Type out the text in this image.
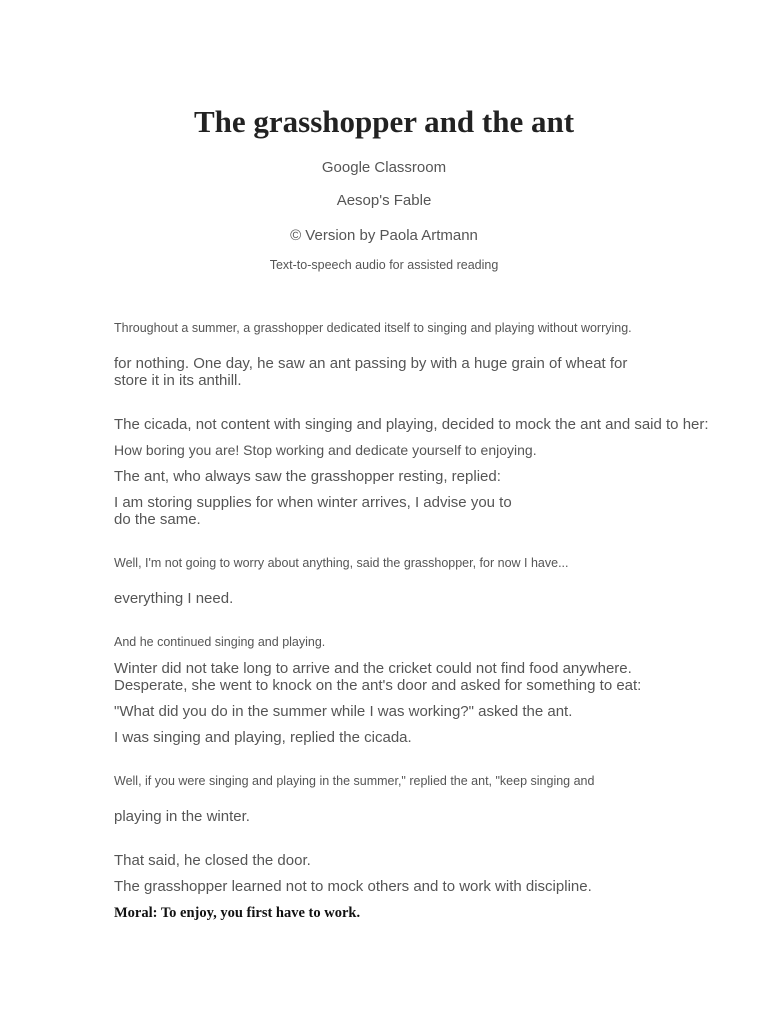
The grasshopper and the ant

Google Classroom

Aesop's Fable

© Version by Paola Artmann

Text-to-speech audio for assisted reading

Throughout a summer, a grasshopper dedicated itself to singing and playing without worrying.

for nothing. One day, he saw an ant passing by with a huge grain of wheat for
store it in its anthill.

The cicada, not content with singing and playing, decided to mock the ant and said to her:

How boring you are! Stop working and dedicate yourself to enjoying.

The ant, who always saw the grasshopper resting, replied:

I am storing supplies for when winter arrives, I advise you to
do the same.

Well, I'm not going to worry about anything, said the grasshopper, for now I have...

everything I need.

And he continued singing and playing.

Winter did not take long to arrive and the cricket could not find food anywhere.
Desperate, she went to knock on the ant's door and asked for something to eat:

"What did you do in the summer while I was working?" asked the ant.

I was singing and playing, replied the cicada.

Well, if you were singing and playing in the summer," replied the ant, "keep singing and

playing in the winter.

That said, he closed the door.

The grasshopper learned not to mock others and to work with discipline.

Moral: To enjoy, you first have to work.
